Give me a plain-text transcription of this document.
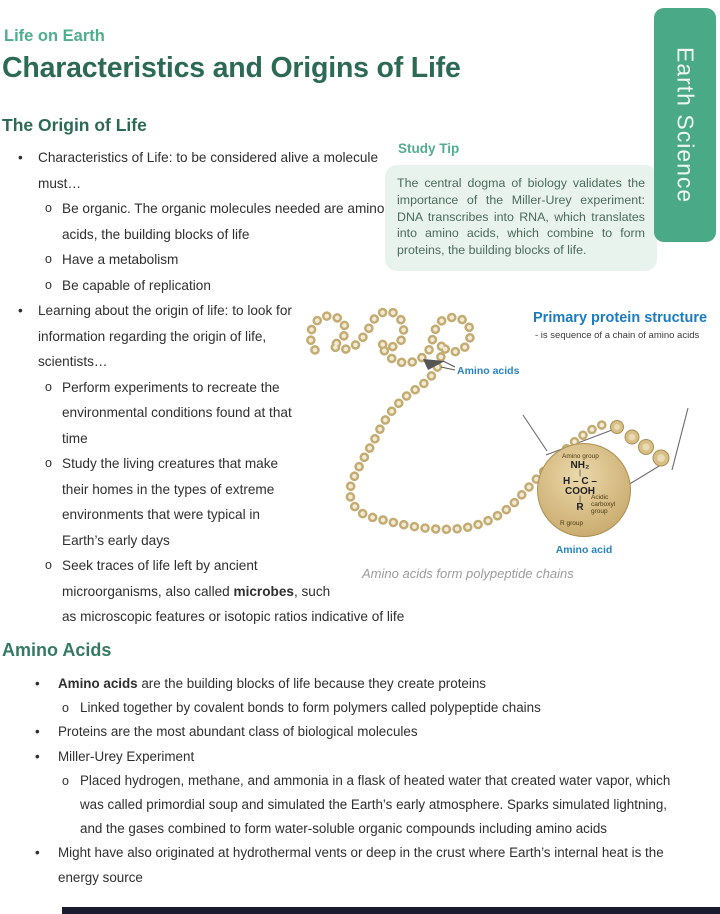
Life on Earth
Characteristics and Origins of Life
The Origin of Life	Earth Science
•	Characteristics of Life: to be considered alive a molecule must…
o Be organic. The organic molecules needed are amino acids, the building blocks of life
o Have a metabolism
o Be capable of replication
•	Learning about the origin of life: to look for information regarding the origin of life, scientists…
o Perform experiments to recreate the environmental conditions found at that time
o Study the living creatures that make their homes in the types of extreme environments that were typical in Earth’s early days
o Seek traces of life left by ancient
microorganisms, also called microbes, such
as microscopic features or isotopic ratios indicative of life
Study Tip
The central dogma of biology validates the importance of the Miller-Urey experiment: DNA transcribes into RNA, which translates into amino acids, which combine to form proteins, the building blocks of life.
Primary protein structure
- is sequence of a chain of amino acids
Amino acids
Amino group
NH₂
|
H – C – COOH
|
R
R group
Acidic carboxyl group
Amino acid
Amino acids form polypeptide chains
Amino Acids
•	Amino acids are the building blocks of life because they create proteins
o Linked together by covalent bonds to form polymers called polypeptide chains
•	Proteins are the most abundant class of biological molecules
•	Miller-Urey Experiment
o Placed hydrogen, methane, and ammonia in a flask of heated water that created water vapor, which was called primordial soup and simulated the Earth’s early atmosphere. Sparks simulated lightning, and the gases combined to form water-soluble organic compounds including amino acids
•	Might have also originated at hydrothermal vents or deep in the crust where Earth’s internal heat is the energy source
